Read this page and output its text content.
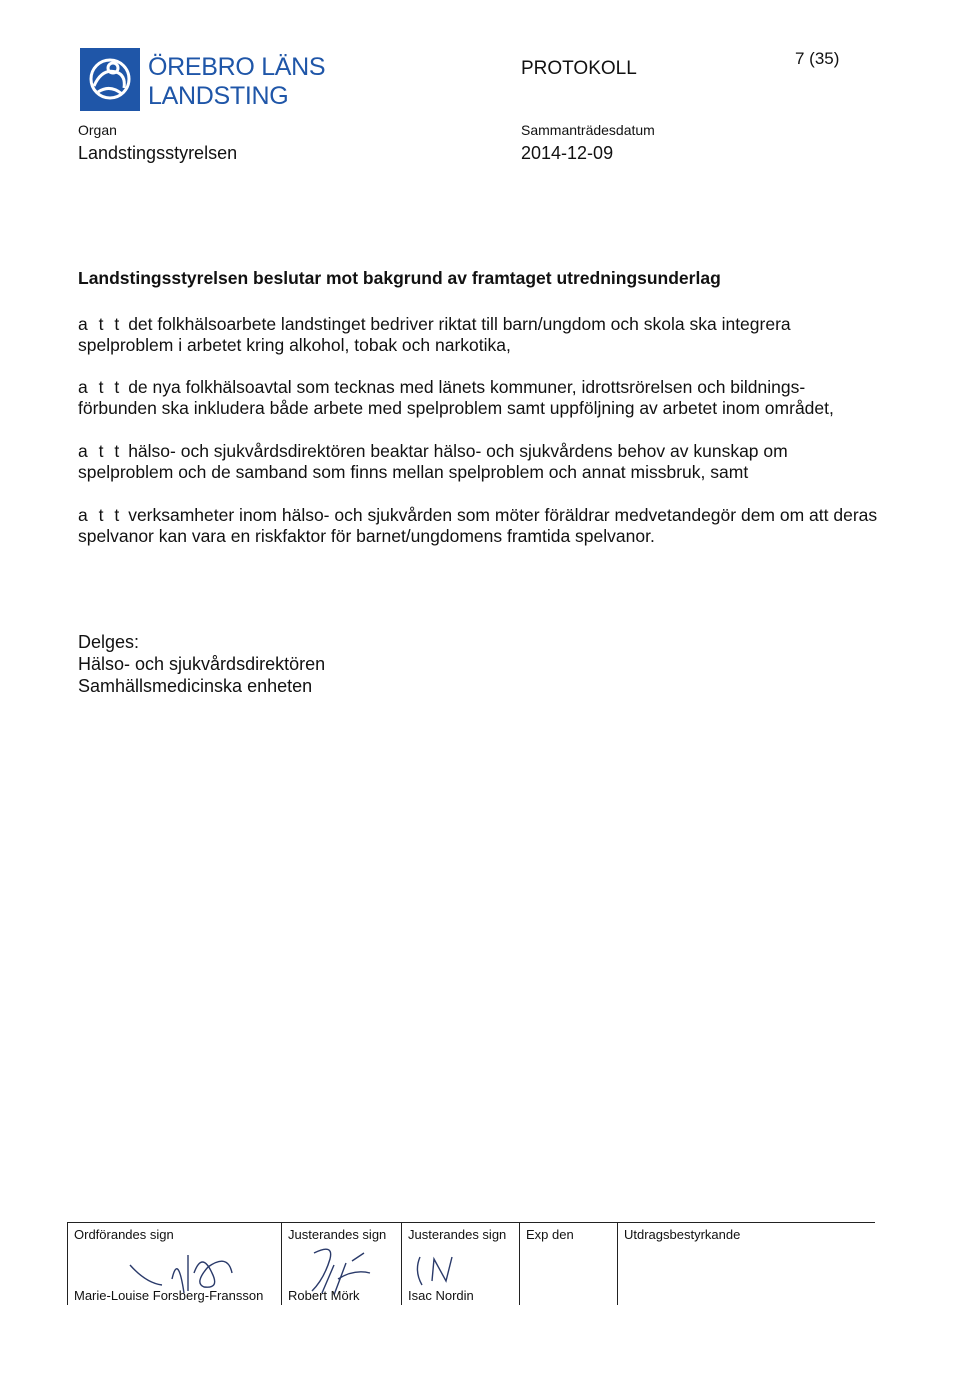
ÖREBRO LÄNS
LANDSTING
PROTOKOLL	7 (35)
Organ
Landstingsstyrelsen
Sammanträdesdatum
2014-12-09
Landstingsstyrelsen beslutar mot bakgrund av framtaget utredningsunderlag
a t t det folkhälsoarbete landstinget bedriver riktat till barn/ungdom och skola ska integrera spelproblem i arbetet kring alkohol, tobak och narkotika,
a t t de nya folkhälsoavtal som tecknas med länets kommuner, idrottsrörelsen och bildnings-förbunden ska inkludera både arbete med spelproblem samt uppföljning av arbetet inom området,
a t t hälso- och sjukvårdsdirektören beaktar hälso- och sjukvårdens behov av kunskap om spelproblem och de samband som finns mellan spelproblem och annat missbruk, samt
a t t verksamheter inom hälso- och sjukvården som möter föräldrar medvetandegör dem om att deras spelvanor kan vara en riskfaktor för barnet/ungdomens framtida spelvanor.
Delges:
Hälso- och sjukvårdsdirektören
Samhällsmedicinska enheten
Ordförandes sign
Marie-Louise Forsberg-Fransson
Justerandes sign
Robert Mörk
Justerandes sign
Isac Nordin
Exp den	Utdragsbestyrkande
